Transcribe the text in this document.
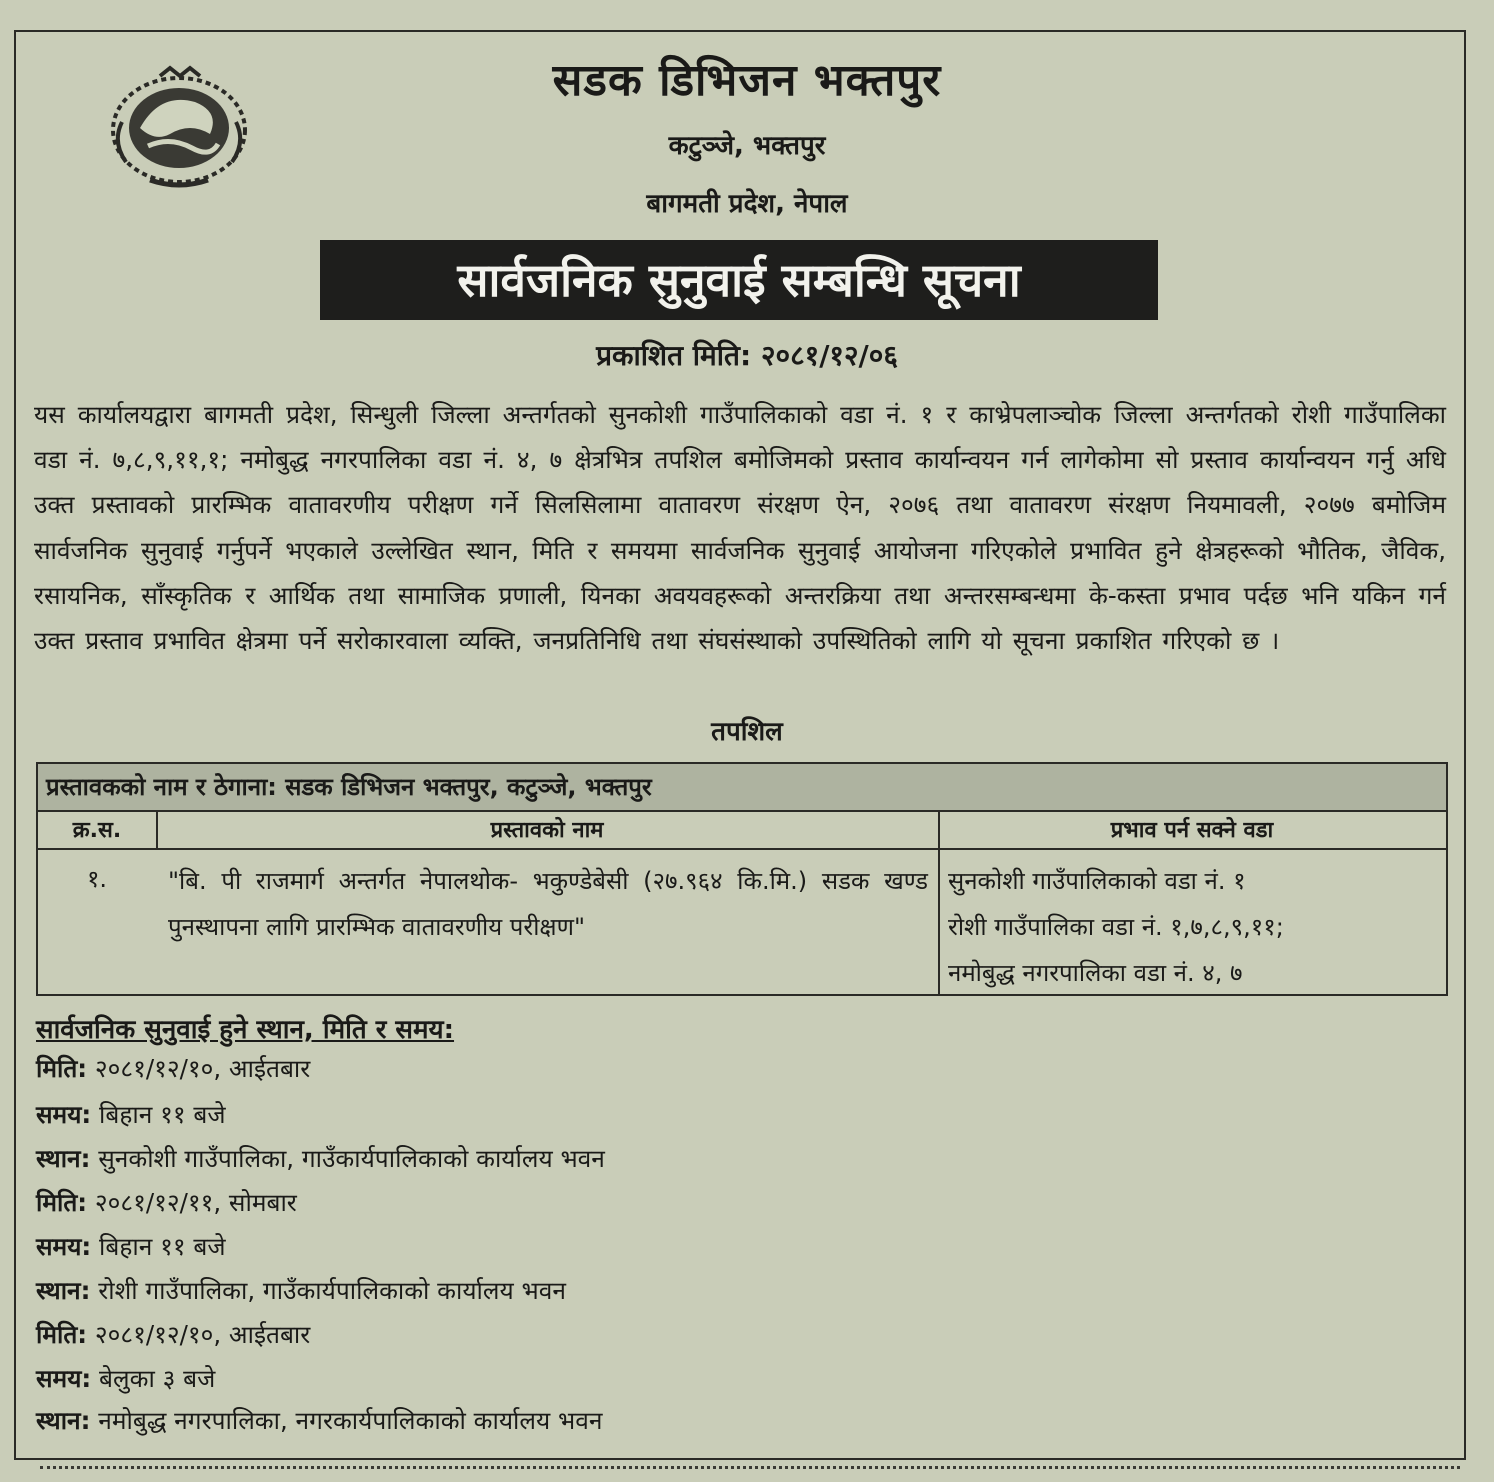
सडक डिभिजन भक्तपुर
कटुञ्जे, भक्तपुर
बागमती प्रदेश, नेपाल
सार्वजनिक सुनुवाई सम्बन्धि सूचना
प्रकाशित मिति: २०८१/१२/०६
यस कार्यालयद्वारा बागमती प्रदेश, सिन्धुली जिल्ला अन्तर्गतको सुनकोशी गाउँपालिकाको वडा नं. १ र काभ्रेपलाञ्चोक जिल्ला अन्तर्गतको रोशी गाउँपालिका वडा नं. ७,८,९,११,१; नमोबुद्ध नगरपालिका वडा नं. ४, ७ क्षेत्रभित्र तपशिल बमोजिमको प्रस्ताव कार्यान्वयन गर्न लागेकोमा सो प्रस्ताव कार्यान्वयन गर्नु अधि उक्त प्रस्तावको प्रारम्भिक वातावरणीय परीक्षण गर्ने सिलसिलामा वातावरण संरक्षण ऐन, २०७६ तथा वातावरण संरक्षण नियमावली, २०७७ बमोजिम सार्वजनिक सुनुवाई गर्नुपर्ने भएकाले उल्लेखित स्थान, मिति र समयमा सार्वजनिक सुनुवाई आयोजना गरिएकोले प्रभावित हुने क्षेत्रहरूको भौतिक, जैविक, रसायनिक, साँस्कृतिक र आर्थिक तथा सामाजिक प्रणाली, यिनका अवयवहरूको अन्तरक्रिया तथा अन्तरसम्बन्धमा के-कस्ता प्रभाव पर्दछ भनि यकिन गर्न उक्त प्रस्ताव प्रभावित क्षेत्रमा पर्ने सरोकारवाला व्यक्ति, जनप्रतिनिधि तथा संघसंस्थाको उपस्थितिको लागि यो सूचना प्रकाशित गरिएको छ ।
तपशिल
प्रस्तावकको नाम र ठेगाना: सडक डिभिजन भक्तपुर, कटुञ्जे, भक्तपुर
क्र.स.	प्रस्तावको नाम	प्रभाव पर्न सक्ने वडा
१.	"बि. पी राजमार्ग अन्तर्गत नेपालथोक- भकुण्डेबेसी (२७.९६४ कि.मि.) सडक खण्ड पुनस्थापना लागि प्रारम्भिक वातावरणीय परीक्षण"
सुनकोशी गाउँपालिकाको वडा नं. १
रोशी गाउँपालिका वडा नं. १,७,८,९,११;
नमोबुद्ध नगरपालिका वडा नं. ४, ७
सार्वजनिक सुनुवाई हुने स्थान, मिति र समय:
मिति: २०८१/१२/१०, आईतबार
समय: बिहान ११ बजे
स्थान: सुनकोशी गाउँपालिका, गाउँकार्यपालिकाको कार्यालय भवन
मिति: २०८१/१२/११, सोमबार
समय: बिहान ११ बजे
स्थान: रोशी गाउँपालिका, गाउँकार्यपालिकाको कार्यालय भवन
मिति: २०८१/१२/१०, आईतबार
समय: बेलुका ३ बजे
स्थान: नमोबुद्ध नगरपालिका, नगरकार्यपालिकाको कार्यालय भवन
